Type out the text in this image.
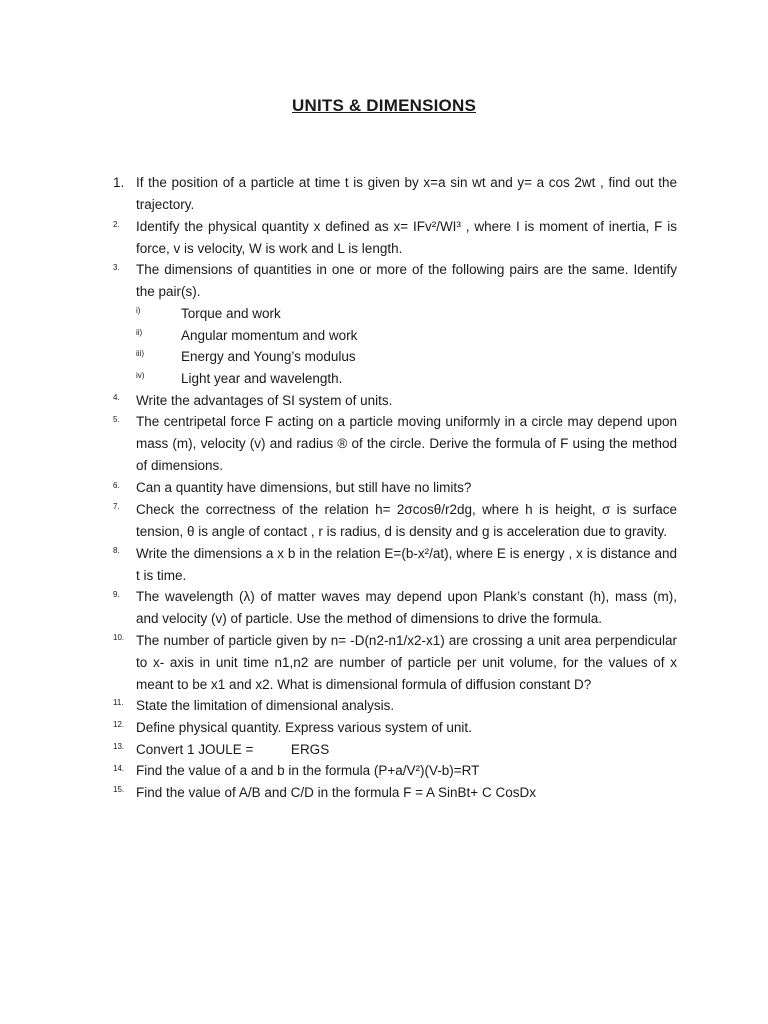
UNITS & DIMENSIONS
1. If the position of a particle at time t is given by x=a sin wt and y= a cos 2wt , find out the trajectory.
2. Identify the physical quantity x defined as x= IFv²/WI³ , where I is moment of inertia, F is force, v is velocity, W is work and L is length.
3. The dimensions of quantities in one or more of the following pairs are the same. Identify the pair(s).
i)	Torque and work
ii)	Angular momentum and work
iii)	Energy and Young’s modulus
iv)	Light year and wavelength.
4. Write the advantages of SI system of units.
5. The centripetal force F acting on a particle moving uniformly in a circle may depend upon mass (m), velocity (v) and radius ® of the circle. Derive the formula of F using the method of dimensions.
6. Can a quantity have dimensions, but still have no limits?
7. Check the correctness of the relation h= 2σcosθ/r2dg, where h is height, σ is surface tension, θ is angle of contact , r is radius, d is density and g is acceleration due to gravity.
8. Write the dimensions a x b in the relation E=(b-x²/at), where E is energy , x is distance and t is time.
9. The wavelength (λ) of matter waves may depend upon Plank’s constant (h), mass (m), and velocity (v) of particle. Use the method of dimensions to drive the formula.
10. The number of particle given by n= -D(n2-n1/x2-x1) are crossing a unit area perpendicular to x- axis in unit time n1,n2 are number of particle per unit volume, for the values of x meant to be x1 and x2. What is dimensional formula of diffusion constant D?
11. State the limitation of dimensional analysis.
12. Define physical quantity. Express various system of unit.
13. Convert 1 JOULE =          ERGS
14. Find the value of a and b in the formula (P+a/V²)(V-b)=RT
15. Find the value of A/B and C/D in the formula F = A SinBt+ C CosDx
